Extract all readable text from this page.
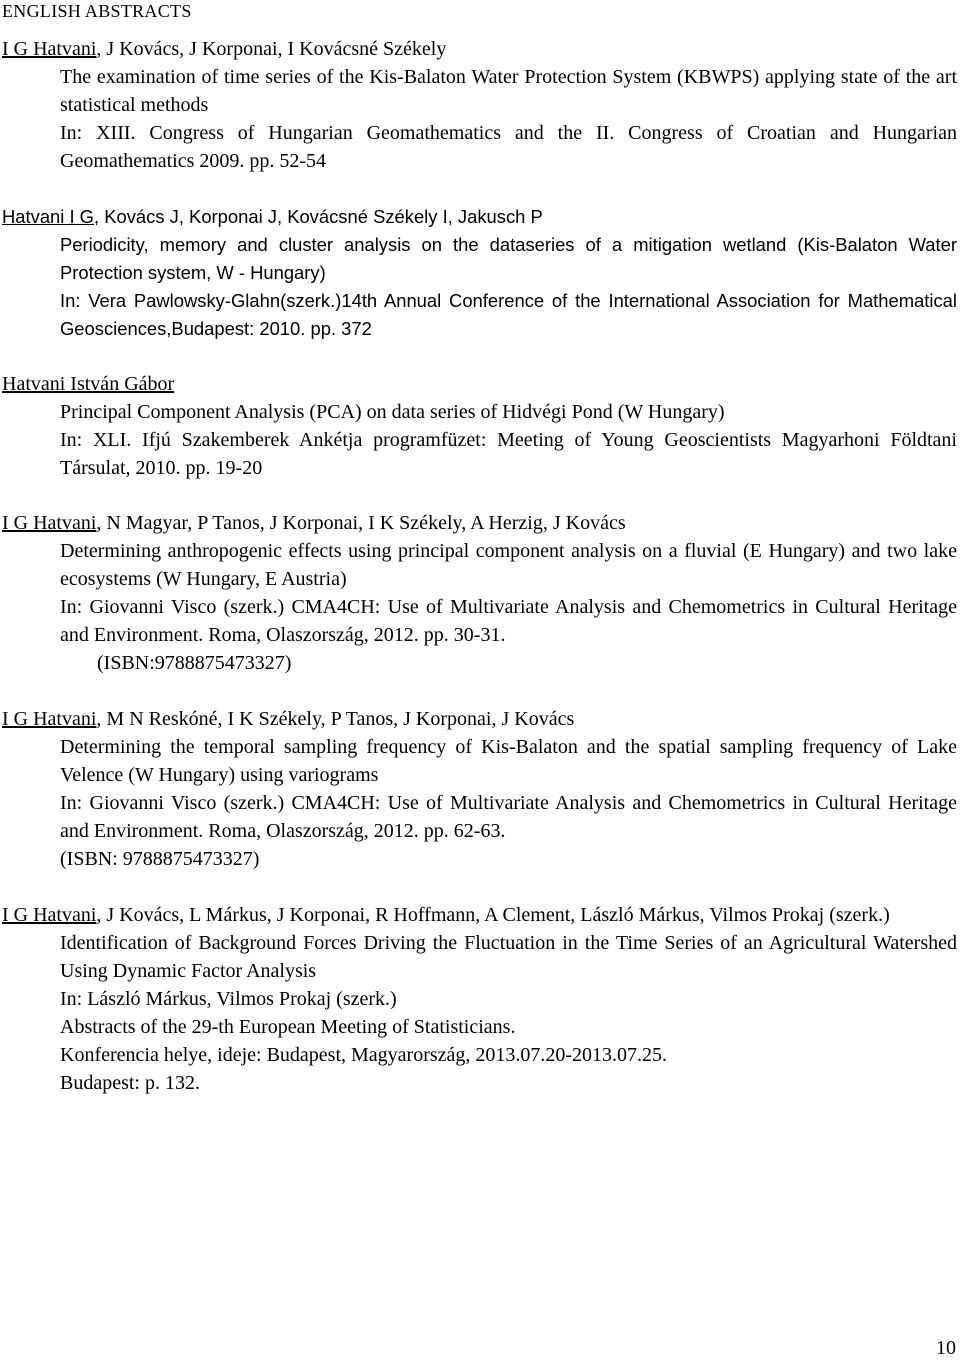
ENGLISH ABSTRACTS
I G Hatvani, J Kovács, J Korponai, I Kovácsné Székely
The examination of time series of the Kis-Balaton Water Protection System (KBWPS) applying state of the art statistical methods
In: XIII. Congress of Hungarian Geomathematics and the II. Congress of Croatian and Hungarian Geomathematics 2009. pp. 52-54
Hatvani I G, Kovács J, Korponai J, Kovácsné Székely I, Jakusch P
Periodicity, memory and cluster analysis on the dataseries of a mitigation wetland (Kis-Balaton Water Protection system, W - Hungary)
In: Vera Pawlowsky-Glahn(szerk.)14th Annual Conference of the International Association for Mathematical Geosciences,Budapest: 2010. pp. 372
Hatvani István Gábor
Principal Component Analysis (PCA) on data series of Hidvégi Pond (W Hungary)
In: XLI. Ifjú Szakemberek Ankétja programfüzet: Meeting of Young Geoscientists Magyarhoni Földtani Társulat, 2010. pp. 19-20
I G Hatvani, N Magyar, P Tanos, J Korponai, I K Székely, A Herzig, J Kovács
Determining anthropogenic effects using principal component analysis on a fluvial (E Hungary) and two lake ecosystems (W Hungary, E Austria)
In: Giovanni Visco (szerk.) CMA4CH: Use of Multivariate Analysis and Chemometrics in Cultural Heritage and Environment. Roma, Olaszország, 2012. pp. 30-31.
(ISBN:9788875473327)
I G Hatvani, M N Reskóné, I K Székely, P Tanos, J Korponai, J Kovács
Determining the temporal sampling frequency of Kis-Balaton and the spatial sampling frequency of Lake Velence (W Hungary) using variograms
In: Giovanni Visco (szerk.) CMA4CH: Use of Multivariate Analysis and Chemometrics in Cultural Heritage and Environment. Roma, Olaszország, 2012. pp. 62-63.
(ISBN: 9788875473327)
I G Hatvani, J Kovács, L Márkus, J Korponai, R Hoffmann, A Clement, László Márkus, Vilmos Prokaj (szerk.)
Identification of Background Forces Driving the Fluctuation in the Time Series of an Agricultural Watershed Using Dynamic Factor Analysis
In: László Márkus, Vilmos Prokaj (szerk.)
Abstracts of the 29-th European Meeting of Statisticians.
Konferencia helye, ideje: Budapest, Magyarország, 2013.07.20-2013.07.25.
Budapest: p. 132.
10
